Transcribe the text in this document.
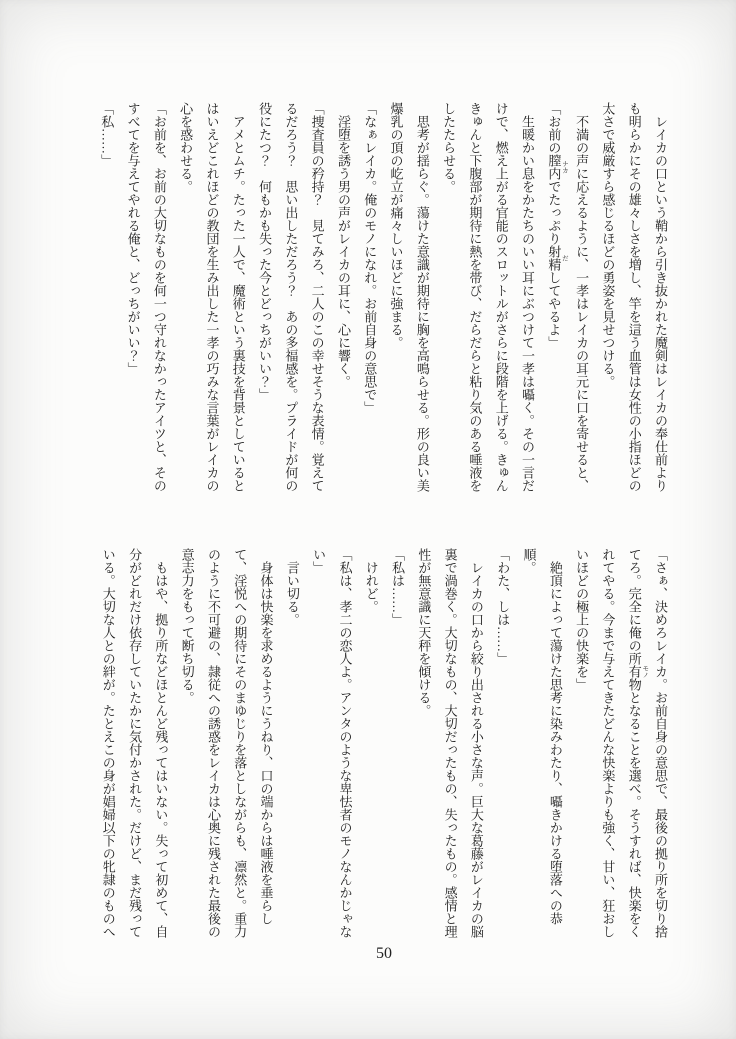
レイカの口という鞘から引き抜かれた魔剣はレイカの奉仕前よりも明らかにその雄々しさを増し、竿を這う血管は女性の小指ほどの太さで威厳すら感じるほどの勇姿を見せつける。

不満の声に応えるように、一孝はレイカの耳元に口を寄せると、

「お前の膣内 ナカでたっぷり射精 だしてやるよ」

生暖かい息をかたちのいい耳にぶつけて一孝は囁く。その一言だけで、燃え上がる官能のスロットルがさらに段階を上げる。きゅんきゅんと下腹部が期待に熱を帯び、だらだらと粘り気のある唾液をしたたらせる。

思考が揺らぐ。蕩けた意識が期待に胸を高鳴らせる。形の良い美爆乳の頂の屹立が痛々しいほどに強まる。

「なぁレイカ。俺のモノになれ。お前自身の意思で」

淫堕を誘う男の声がレイカの耳に、心に響く。

「捜査員の矜持？　見てみろ、二人のこの幸せそうな表情。覚えてるだろう？　思い出しただろう？　あの多福感を。プライドが何の役にたつ？　何もかも失った今とどっちがいい？」

アメとムチ。たった一人で、魔術という裏技を背景としているとはいえどこれほどの教団を生み出した一孝の巧みな言葉がレイカの心を惑わせる。

「お前を、お前の大切なものを何一つ守れなかったアイツと、そのすべてを与えてやれる俺と、どっちがいい？」

「私……」

「さぁ、決めろレイカ。お前自身の意思で、最後の拠り所を切り捨てろ。完全に俺の所有物 モノとなることを選べ。そうすれば、快楽をくれてやる。今まで与えてきたどんな快楽よりも強く、甘い、狂おしいほどの極上の快楽を」

絶頂によって蕩けた思考に染みわたり、囁きかける堕落への恭順。

「わた、しは……」

レイカの口から絞り出される小さな声。巨大な葛藤がレイカの脳裏で渦巻く。大切なもの、大切だったもの、失ったもの。感情と理性が無意識に天秤を傾ける。

「私は……」

けれど。

「私は、孝二の恋人よ。アンタのような卑怯者のモノなんかじゃない」

言い切る。

身体は快楽を求めるようにうねり、口の端からは唾液を垂らして、淫悦への期待にそのまゆじりを落としながらも、凛然と。重力のように不可避の、隷従への誘惑をレイカは心奥に残された最後の意志力をもって断ち切る。

もはや、拠り所などほとんど残ってはいない。失って初めて、自分がどれだけ依存していたかに気付かされた。だけど、まだ残っている。大切な人との絆が。たとえこの身が娼婦以下の牝隷のものへ

50
